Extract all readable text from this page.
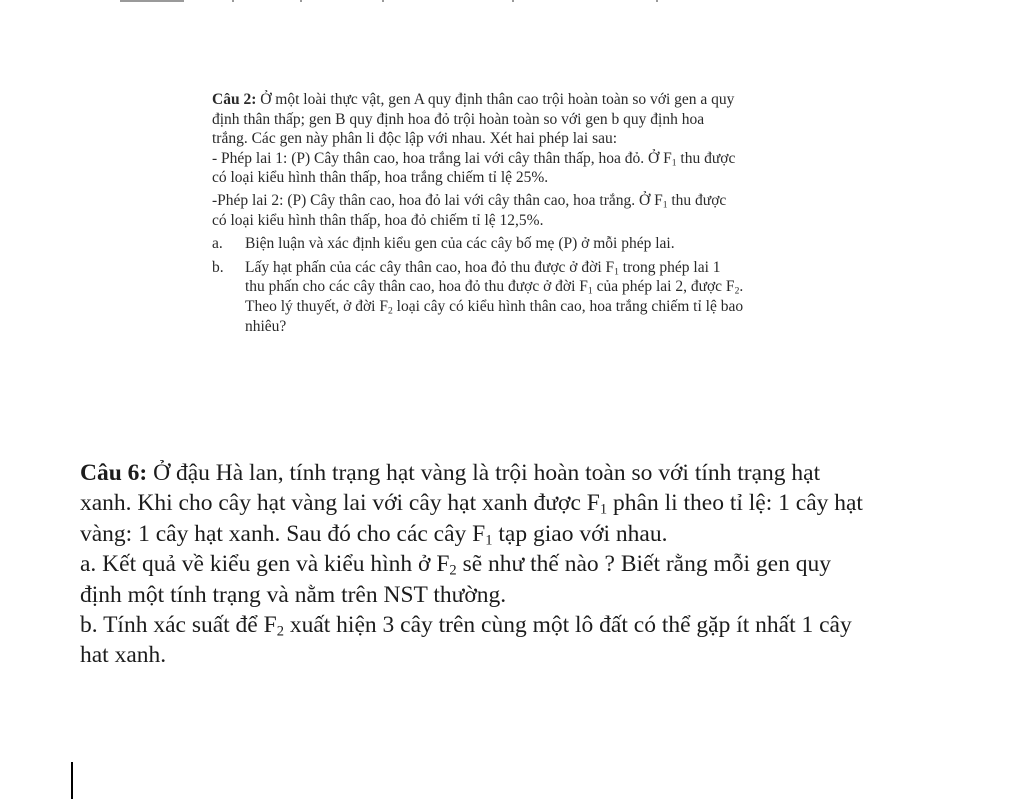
Câu 2: Ở một loài thực vật, gen A quy định thân cao trội hoàn toàn so với gen a quy
định thân thấp; gen B quy định hoa đỏ trội hoàn toàn so với gen b quy định hoa
trắng. Các gen này phân li độc lập với nhau. Xét hai phép lai sau:
- Phép lai 1: (P) Cây thân cao, hoa trắng lai với cây thân thấp, hoa đỏ. Ở $F_1$ thu được
có loại kiểu hình thân thấp, hoa trắng chiếm tỉ lệ 25%.
-Phép lai 2: (P) Cây thân cao, hoa đỏ lai với cây thân cao, hoa trắng. Ở $F_1$ thu được
có loại kiểu hình thân thấp, hoa đỏ chiếm tỉ lệ 12,5%.
a.	Biện luận và xác định kiểu gen của các cây bố mẹ (P) ở mỗi phép lai.
b.	Lấy hạt phấn của các cây thân cao, hoa đỏ thu được ở đời $F_1$ trong phép lai 1
thu phấn cho các cây thân cao, hoa đỏ thu được ở đời $F_1$ của phép lai 2, được $F_2$.
Theo lý thuyết, ở đời $F_2$ loại cây có kiểu hình thân cao, hoa trắng chiếm tỉ lệ bao
nhiêu?
Câu 6: Ở đậu Hà lan, tính trạng hạt vàng là trội hoàn toàn so với tính trạng hạt
xanh. Khi cho cây hạt vàng lai với cây hạt xanh được $F_1$ phân li theo tỉ lệ: 1 cây hạt
vàng: 1 cây hạt xanh. Sau đó cho các cây $F_1$ tạp giao với nhau.
a. Kết quả về kiểu gen và kiểu hình ở $F_2$ sẽ như thế nào ? Biết rằng mỗi gen quy
định một tính trạng và nằm trên NST thường.
b. Tính xác suất để $F_2$ xuất hiện 3 cây trên cùng một lô đất có thể gặp ít nhất 1 cây
hat xanh.
